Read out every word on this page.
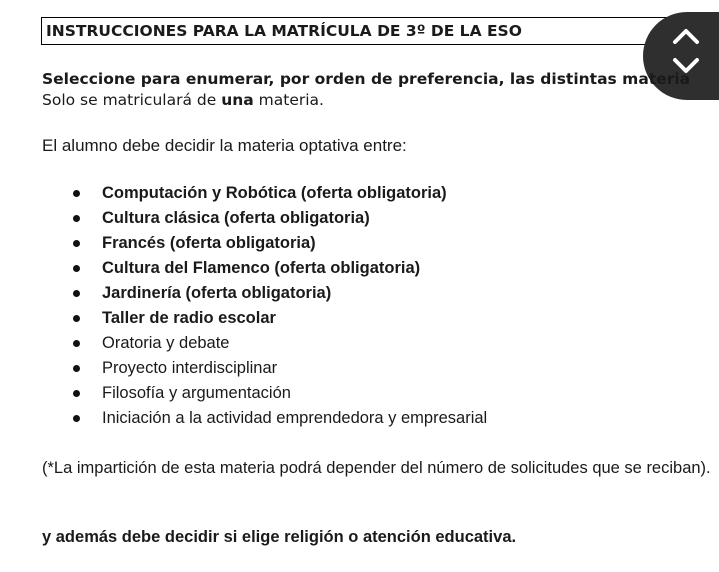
INSTRUCCIONES PARA LA MATRÍCULA DE 3º DE LA ESO
Seleccione para enumerar, por orden de preferencia, las distintas materia
Solo se matriculará de una materia.
El alumno debe decidir la materia optativa entre:
Computación y Robótica (oferta obligatoria)
Cultura clásica (oferta obligatoria)
Francés (oferta obligatoria)
Cultura del Flamenco (oferta obligatoria)
Jardinería (oferta obligatoria)
Taller de radio escolar
Oratoria y debate
Proyecto interdisciplinar
Filosofía y argumentación
Iniciación a la actividad emprendedora y empresarial
(*La impartición de esta materia podrá depender del número de solicitudes que se reciban).
y además debe decidir si elige religión o atención educativa.
